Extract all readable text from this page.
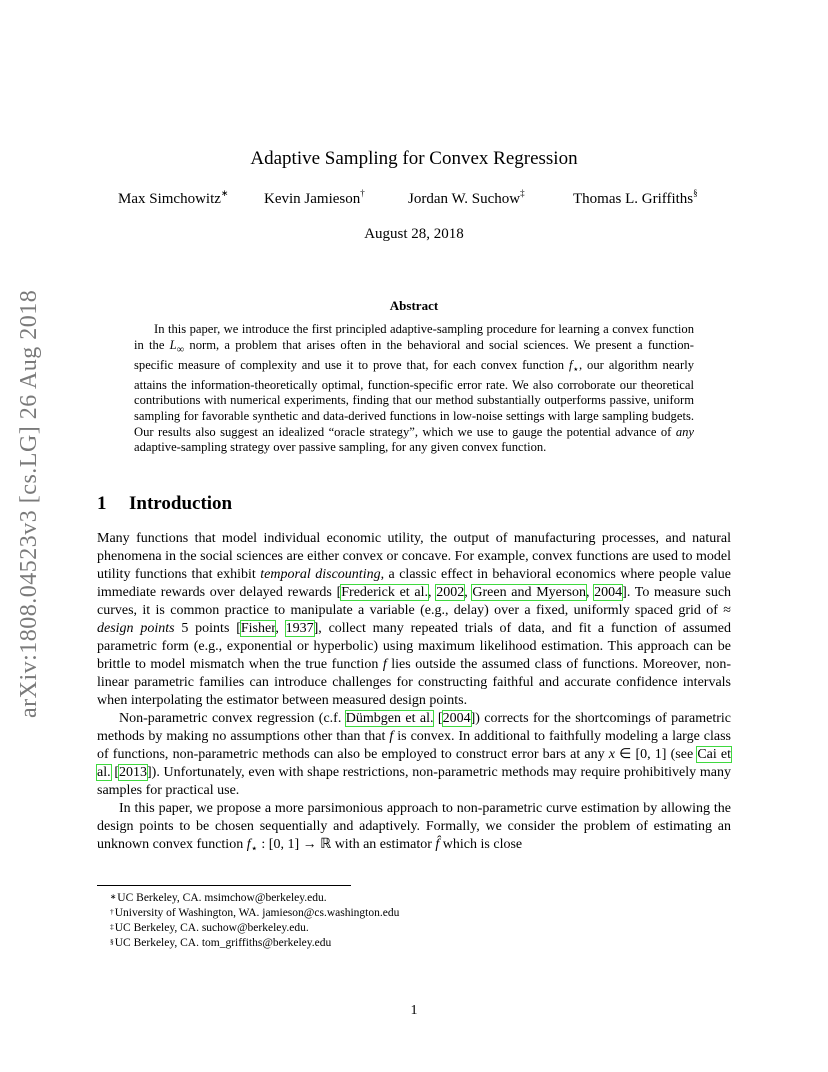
arXiv:1808.04523v3 [cs.LG] 26 Aug 2018
Adaptive Sampling for Convex Regression
Max Simchowitz∗ Kevin Jamieson†	Jordan W. Suchow‡	Thomas L. Griffiths§
August 28, 2018
Abstract
In this paper, we introduce the first principled adaptive-sampling procedure for learning a convex function in the $L_\infty$ norm, a problem that arises often in the behavioral and social sciences. We present a function-specific measure of complexity and use it to prove that, for each convex function $f_⋆$, our algorithm nearly attains the information-theoretically optimal, function-specific error rate. We also corroborate our theoretical contributions with numerical experiments, finding that our method substantially outperforms passive, uniform sampling for favorable synthetic and data-derived functions in low-noise settings with large sampling budgets. Our results also suggest an idealized “oracle strategy”, which we use to gauge the potential advance of any adaptive-sampling strategy over passive sampling, for any given convex function.
1 Introduction

Many functions that model individual economic utility, the output of manufacturing processes, and natural phenomena in the social sciences are either convex or concave. For example, convex functions are used to model utility functions that exhibit temporal discounting, a classic effect in behavioral economics where people value immediate rewards over delayed rewards [Frederick et al., 2002, Green and Myerson, 2004]. To measure such curves, it is common practice to manipulate a variable (e.g., delay) over a fixed, uniformly spaced grid of ≈ design points 5 points [Fisher, 1937], collect many repeated trials of data, and fit a function of assumed parametric form (e.g., exponential or hyperbolic) using maximum likelihood estimation. This approach can be brittle to model mismatch when the true function f lies outside the assumed class of functions. Moreover, non-linear parametric families can introduce challenges for constructing faithful and accurate confidence intervals when interpolating the estimator between measured design points.

Non-parametric convex regression (c.f. Dümbgen et al. [2004]) corrects for the shortcomings of parametric methods by making no assumptions other than that f is convex. In additional to faithfully modeling a large class of functions, non-parametric methods can also be employed to construct error bars at any x ∈ [0, 1] (see Cai et al. [2013]). Unfortunately, even with shape restrictions, non-parametric methods may require prohibitively many samples for practical use.

In this paper, we propose a more parsimonious approach to non-parametric curve estimation by allowing the design points to be chosen sequentially and adaptively. Formally, we consider the problem of estimating an unknown convex function $f_⋆$ : [0, 1] → ℝ with an estimator f̂ which is close

∗UC Berkeley, CA. msimchow@berkeley.edu.
†University of Washington, WA. jamieson@cs.washington.edu
‡UC Berkeley, CA. suchow@berkeley.edu.
§UC Berkeley, CA. tom_griffiths@berkeley.edu
1
